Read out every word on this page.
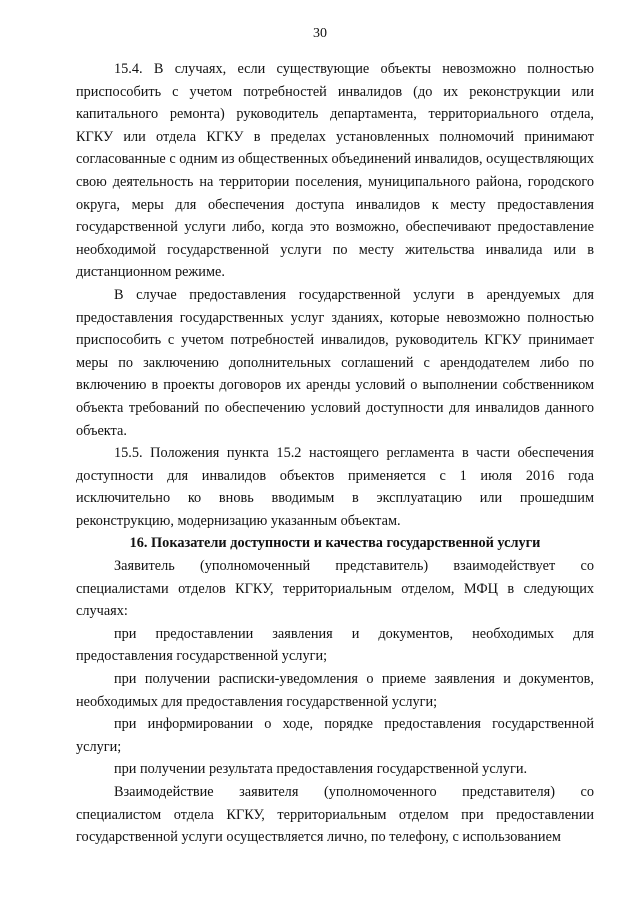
30

15.4. В случаях, если существующие объекты невозможно полностью приспособить с учетом потребностей инвалидов (до их реконструкции или капитального ремонта) руководитель департамента, территориального отдела, КГКУ или отдела КГКУ в пределах установленных полномочий принимают согласованные с одним из общественных объединений инвалидов, осуществляющих свою деятельность на территории поселения, муниципального района, городского округа, меры для обеспечения доступа инвалидов к месту предоставления государственной услуги либо, когда это возможно, обеспечивают предоставление необходимой государственной услуги по месту жительства инвалида или в дистанционном режиме.

В случае предоставления государственной услуги в арендуемых для предоставления государственных услуг зданиях, которые невозможно полностью приспособить с учетом потребностей инвалидов, руководитель КГКУ принимает меры по заключению дополнительных соглашений с арендодателем либо по включению в проекты договоров их аренды условий о выполнении собственником объекта требований по обеспечению условий доступности для инвалидов данного объекта.

15.5. Положения пункта 15.2 настоящего регламента в части обеспечения доступности для инвалидов объектов применяется с 1 июля 2016 года исключительно ко вновь вводимым в эксплуатацию или прошедшим реконструкцию, модернизацию указанным объектам.

16. Показатели доступности и качества государственной услуги

Заявитель (уполномоченный представитель) взаимодействует со специалистами отделов КГКУ, территориальным отделом, МФЦ в следующих случаях:

при предоставлении заявления и документов, необходимых для предоставления государственной услуги;

при получении расписки-уведомления о приеме заявления и документов, необходимых для предоставления государственной услуги;

при информировании о ходе, порядке предоставления государственной услуги;

при получении результата предоставления государственной услуги.

Взаимодействие заявителя (уполномоченного представителя) со специалистом отдела КГКУ, территориальным отделом при предоставлении государственной услуги осуществляется лично, по телефону, с использованием
